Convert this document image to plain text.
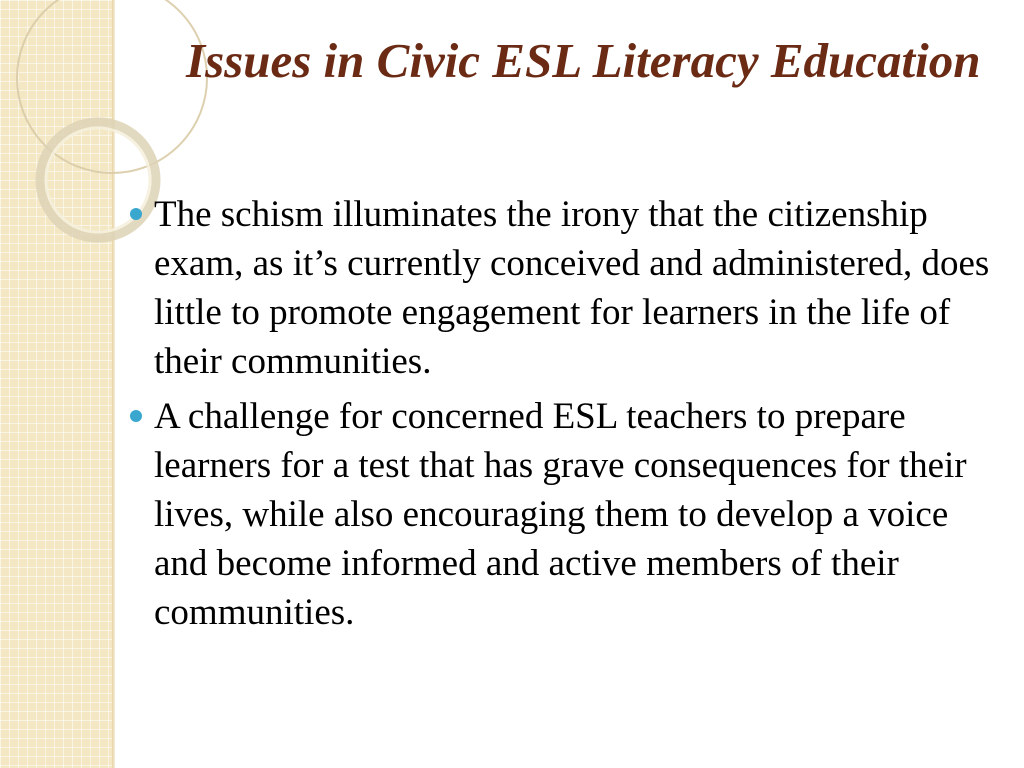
Issues in Civic ESL Literacy Education
The schism illuminates the irony that the citizenship exam, as it’s currently conceived and administered, does little to promote engagement for learners in the life of their communities.
A challenge for concerned ESL teachers to prepare learners for a test that has grave consequences for their lives, while also encouraging them to develop a voice and become informed and active members of their communities.
